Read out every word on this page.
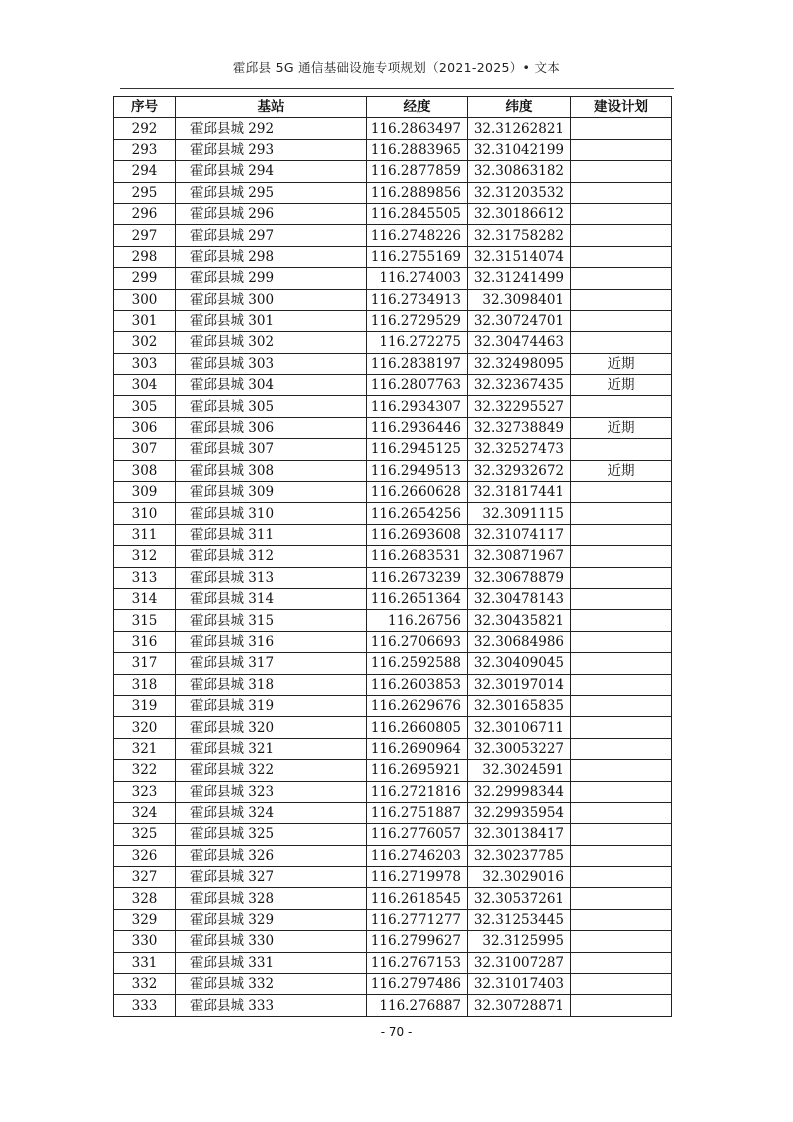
霍邱县 5G 通信基础设施专项规划（2021-2025）• 文本
序号	基站	经度	纬度	建设计划
292	霍邱县城 292	116.2863497	32.31262821	
293	霍邱县城 293	116.2883965	32.31042199	
294	霍邱县城 294	116.2877859	32.30863182	
295	霍邱县城 295	116.2889856	32.31203532	
296	霍邱县城 296	116.2845505	32.30186612	
297	霍邱县城 297	116.2748226	32.31758282	
298	霍邱县城 298	116.2755169	32.31514074	
299	霍邱县城 299	116.274003	32.31241499	
300	霍邱县城 300	116.2734913	32.3098401	
301	霍邱县城 301	116.2729529	32.30724701	
302	霍邱县城 302	116.272275	32.30474463	
303	霍邱县城 303	116.2838197	32.32498095	近期
304	霍邱县城 304	116.2807763	32.32367435	近期
305	霍邱县城 305	116.2934307	32.32295527	
306	霍邱县城 306	116.2936446	32.32738849	近期
307	霍邱县城 307	116.2945125	32.32527473	
308	霍邱县城 308	116.2949513	32.32932672	近期
309	霍邱县城 309	116.2660628	32.31817441	
310	霍邱县城 310	116.2654256	32.3091115	
311	霍邱县城 311	116.2693608	32.31074117	
312	霍邱县城 312	116.2683531	32.30871967	
313	霍邱县城 313	116.2673239	32.30678879	
314	霍邱县城 314	116.2651364	32.30478143	
315	霍邱县城 315	116.26756	32.30435821	
316	霍邱县城 316	116.2706693	32.30684986	
317	霍邱县城 317	116.2592588	32.30409045	
318	霍邱县城 318	116.2603853	32.30197014	
319	霍邱县城 319	116.2629676	32.30165835	
320	霍邱县城 320	116.2660805	32.30106711	
321	霍邱县城 321	116.2690964	32.30053227	
322	霍邱县城 322	116.2695921	32.3024591	
323	霍邱县城 323	116.2721816	32.29998344	
324	霍邱县城 324	116.2751887	32.29935954	
325	霍邱县城 325	116.2776057	32.30138417	
326	霍邱县城 326	116.2746203	32.30237785	
327	霍邱县城 327	116.2719978	32.3029016	
328	霍邱县城 328	116.2618545	32.30537261	
329	霍邱县城 329	116.2771277	32.31253445	
330	霍邱县城 330	116.2799627	32.3125995	
331	霍邱县城 331	116.2767153	32.31007287	
332	霍邱县城 332	116.2797486	32.31017403	
333	霍邱县城 333	116.276887	32.30728871	
- 70 -
